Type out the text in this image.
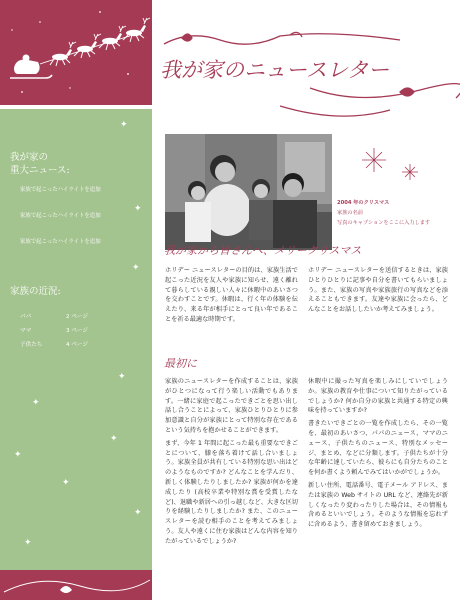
我が家の
重大ニュース:
家族で起こったハイライトを追加
家族で起こったハイライトを追加
家族で起こったハイライトを追加
家族の近況:
パパ	2 ページ
ママ	3 ページ
子供たち	4 ページ
✦
✦
✦
✦
✦
✦
✦
✦
✦
✦
我が家のニュースレター
2004 年のクリスマス
家族の名前
写真のキャプションをここに入力します
我が家から皆さんへ、メリークリスマス

ホリデー ニュースレターの目的は、家族生活で起こった近況を友人や家族に知らせ、遠く離れて暮らしている親しい人々に休暇中のあいさつを交わすことです。休暇は、行く年の体験を伝えたり、来る年が相手にとって良い年であることを祈る最適な時期です。

ホリデー ニュースレターを送信するときは、家族ひとりひとりに記事や自分を書いてもらいましょう。また、家族の写真や家族旅行の写真などを添えることもできます。友達や家族に会ったら、どんなことをお話ししたいか考えてみましょう。

最初に

家族のニュースレターを作成することは、家族がひとつになって行う楽しい活動でもあります。一緒に家庭で起こったできごとを思い出し話し合うことによって、家族ひとりひとりに参加意識と自分が家族にとって特別な存在であるという気持ちを抱かせることができます。

まず、今年 1 年間に起こった最も重要なできごとについて、膝を落ち着けて話し合いましょう。家族全員が共有している特別な思い出はどのようなものですか? どんなことを学んだり、新しく体験したりしましたか? 家族が何かを達成したり (高校卒業や特別な賞を受賞したなど)、退職や新居への引っ越しなど、大きな区切りを経験したりしましたか? また、このニュースレターを読む相手のことを考えてみましょう。友人や遠くに住む家族はどんな内容を知りたがっているでしょうか?

休暇中に撮った写真を楽しみにしていでしょうか。家族の教育や仕事について知りたがっているでしょうか? 何か自分の家族と共通する特定の興味を持っていますか?

書きたいできごとの一覧を作成したら、その一覧を、最初のあいさつ、パパのニュース、ママのニュース、子供たちのニュース、特別なメッセージ、まとめ、などに分類します。子供たちが十分な年齢に達していたら、彼らにも自分たちのことを何か書くよう頼んでみてはいかがでしょうか。

新しい住所、電話番号、電子メール アドレス、または家族の Web サイトの URL など、連絡先が新しくなったり変わったりした場合は、その情報も含めるといいでしょう。そのような情報を忘れずに含めるよう、書き留めておきましょう。
